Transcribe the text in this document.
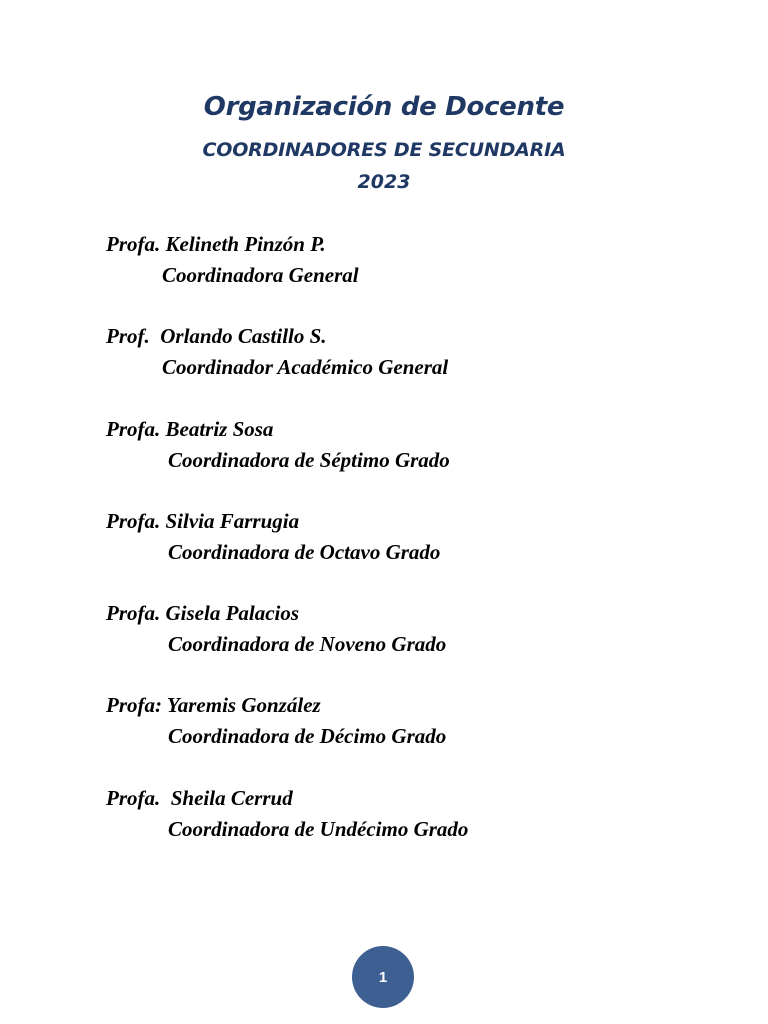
Organización de Docente
COORDINADORES DE SECUNDARIA
2023
Profa. Kelineth Pinzón P.
Coordinadora General
Prof.  Orlando Castillo S.
Coordinador Académico General
Profa. Beatriz Sosa
Coordinadora de Séptimo Grado
Profa. Silvia Farrugia
Coordinadora de Octavo Grado
Profa. Gisela Palacios
Coordinadora de Noveno Grado
Profa: Yaremis González
Coordinadora de Décimo Grado
Profa.  Sheila Cerrud
Coordinadora de Undécimo Grado
1
